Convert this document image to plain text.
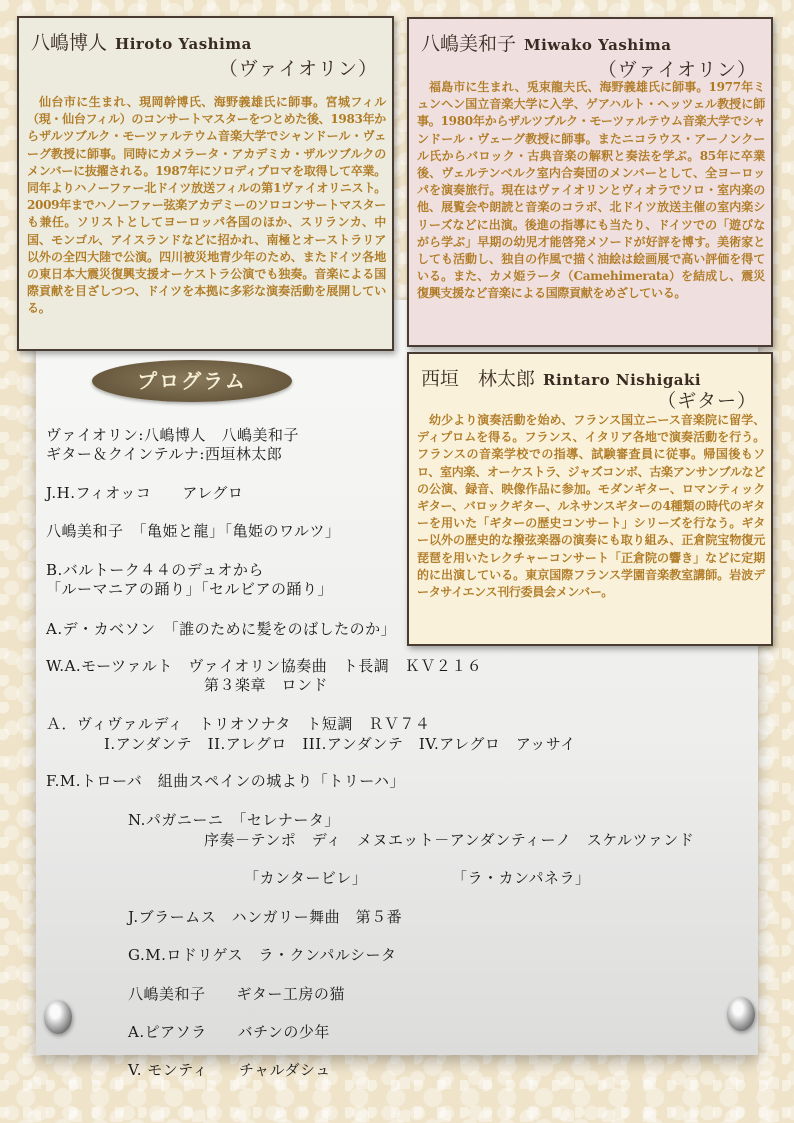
八嶋博人 Hiroto Yashima
（ヴァイオリン）
仙台市に生まれ、現岡幹博氏、海野義雄氏に師事。宮城フィル（現・仙台フィル）のコンサートマスターをつとめた後、1983年からザルツブルク・モーツァルテウム音楽大学でシャンドール・ヴェーグ教授に師事。同時にカメラータ・アカデミカ・ザルツブルクのメンバーに抜擢される。1987年にソロディプロマを取得して卒業。同年よりハノーファー北ドイツ放送フィルの第1ヴァイオリニスト。2009年までハノーファー弦楽アカデミーのソロコンサートマスターも兼任。ソリストとしてヨーロッパ各国のほか、スリランカ、中国、モンゴル、アイスランドなどに招かれ、南極とオーストラリア以外の全四大陸で公演。四川被災地青少年のため、またドイツ各地の東日本大震災復興支援オーケストラ公演でも独奏。音楽による国際貢献を目ざしつつ、ドイツを本拠に多彩な演奏活動を展開している。
八嶋美和子 Miwako Yashima
（ヴァイオリン）
福島市に生まれ、兎束龍夫氏、海野義雄氏に師事。1977年ミュンヘン国立音楽大学に入学、ゲアハルト・ヘッツェル教授に師事。1980年からザルツブルク・モーツァルテウム音楽大学でシャンドール・ヴェーグ教授に師事。またニコラウス・アーノンクール氏からバロック・古典音楽の解釈と奏法を学ぶ。85年に卒業後、ヴェルテンベルク室内合奏団のメンバーとして、全ヨーロッパを演奏旅行。現在はヴァイオリンとヴィオラでソロ・室内楽の他、展覧会や朗読と音楽のコラボ、北ドイツ放送主催の室内楽シリーズなどに出演。後進の指導にも当たり、ドイツでの「遊びながら学ぶ」早期の幼児才能啓発メソードが好評を博す。美術家としても活動し、独自の作風で描く油絵は絵画展で高い評価を得ている。また、カメ姫ラータ（Camehimerata）を結成し、震災復興支援など音楽による国際貢献をめざしている。
西垣　林太郎 Rintaro Nishigaki
（ギター）
幼少より演奏活動を始め、フランス国立ニース音楽院に留学、ディプロムを得る。フランス、イタリア各地で演奏活動を行う。フランスの音楽学校での指導、試験審査員に従事。帰国後もソロ、室内楽、オーケストラ、ジャズコンボ、古楽アンサンブルなどの公演、録音、映像作品に参加。モダンギター、ロマンティックギター、バロックギター、ルネサンスギターの4種類の時代のギターを用いた「ギターの歴史コンサート」シリーズを行なう。ギター以外の歴史的な撥弦楽器の演奏にも取り組み、正倉院宝物復元琵琶を用いたレクチャーコンサート「正倉院の響き」などに定期的に出演している。東京国際フランス学園音楽教室講師。岩波データサイエンス刊行委員会メンバー。
プログラム
ヴァイオリン:八嶋博人　八嶋美和子
ギター＆クインテルナ:西垣林太郎
J.H.フィオッコ　　アレグロ
八嶋美和子　「亀姫と龍」「亀姫のワルツ」
B.バルトーク４４のデュオから
「ルーマニアの踊り」「セルビアの踊り」
A.デ・カベソン　「誰のために髪をのばしたのか」
W.A.モーツァルト　ヴァイオリン協奏曲　ト長調　ＫＶ２１６
第３楽章　ロンド
Ａ．ヴィヴァルディ　トリオソナタ　ト短調　ＲＶ７４
I.アンダンテ　II.アレグロ　III.アンダンテ　IV.アレグロ　アッサイ
F.M.トローバ　組曲スペインの城より「トリーハ」
N.パガニーニ　「セレナータ」
序奏－テンポ　ディ　メヌエット－アンダンティーノ　スケルツァンド
「カンタービレ」	「ラ・カンパネラ」
J.ブラームス　ハンガリー舞曲　第５番
G.M.ロドリゲス　ラ・クンパルシータ
八嶋美和子　　ギター工房の猫
A.ピアソラ　　バチンの少年
V. モンティ　　チャルダシュ
